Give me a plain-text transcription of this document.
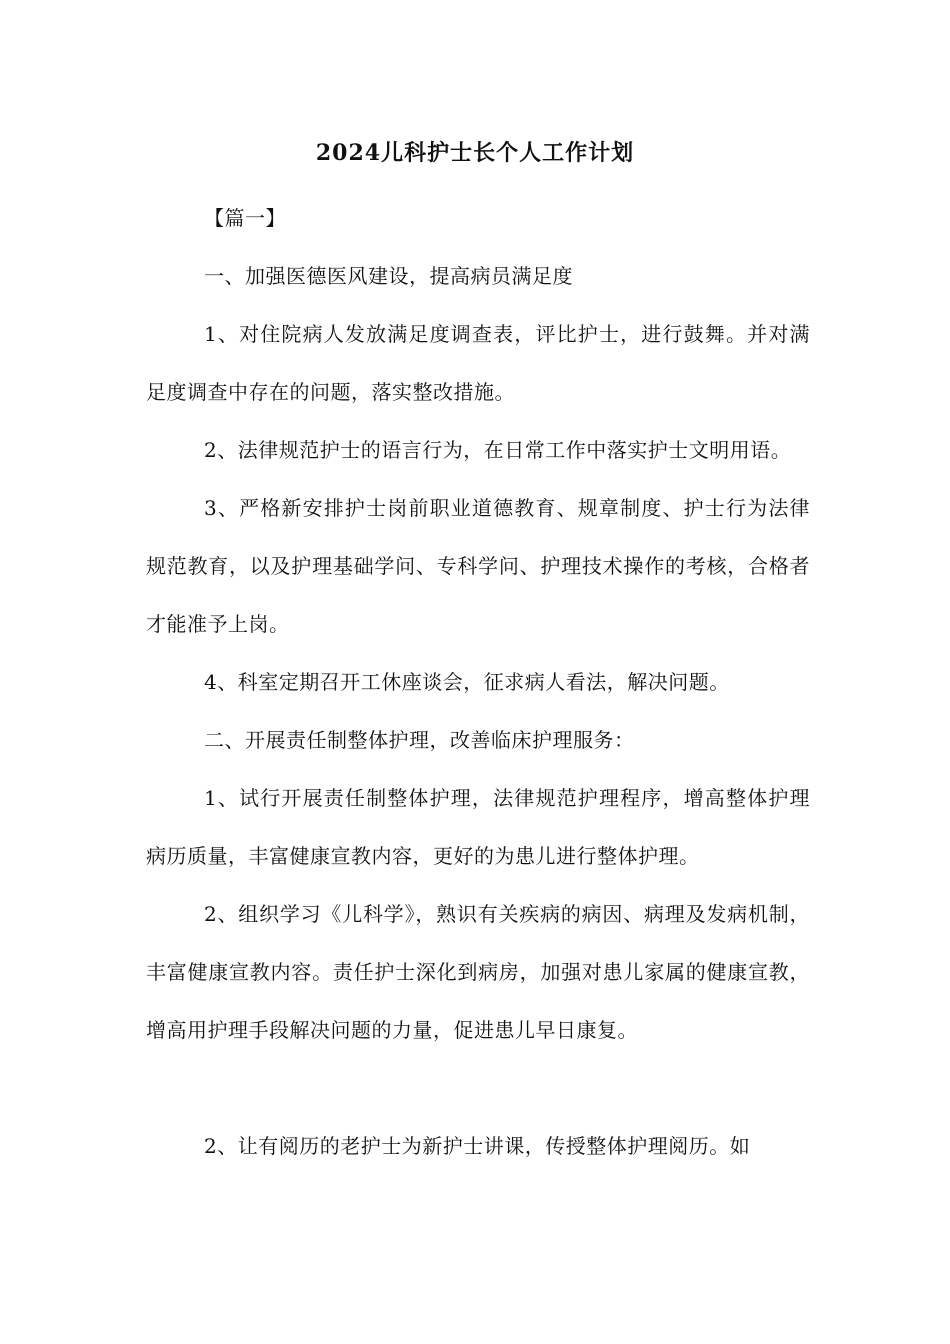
2024儿科护士长个人工作计划

【篇一】

一、加强医德医风建设，提高病员满足度

1、对住院病人发放满足度调查表，评比护士，进行鼓舞。并对满足度调查中存在的问题，落实整改措施。

2、法律规范护士的语言行为，在日常工作中落实护士文明用语。

3、严格新安排护士岗前职业道德教育、规章制度、护士行为法律规范教育，以及护理基础学问、专科学问、护理技术操作的考核，合格者才能准予上岗。

4、科室定期召开工休座谈会，征求病人看法，解决问题。

二、开展责任制整体护理，改善临床护理服务：

1、试行开展责任制整体护理，法律规范护理程序，增高整体护理病历质量，丰富健康宣教内容，更好的为患儿进行整体护理。

2、组织学习《儿科学》，熟识有关疾病的病因、病理及发病机制，丰富健康宣教内容。责任护士深化到病房，加强对患儿家属的健康宣教，增高用护理手段解决问题的力量，促进患儿早日康复。

2、让有阅历的老护士为新护士讲课，传授整体护理阅历。如
